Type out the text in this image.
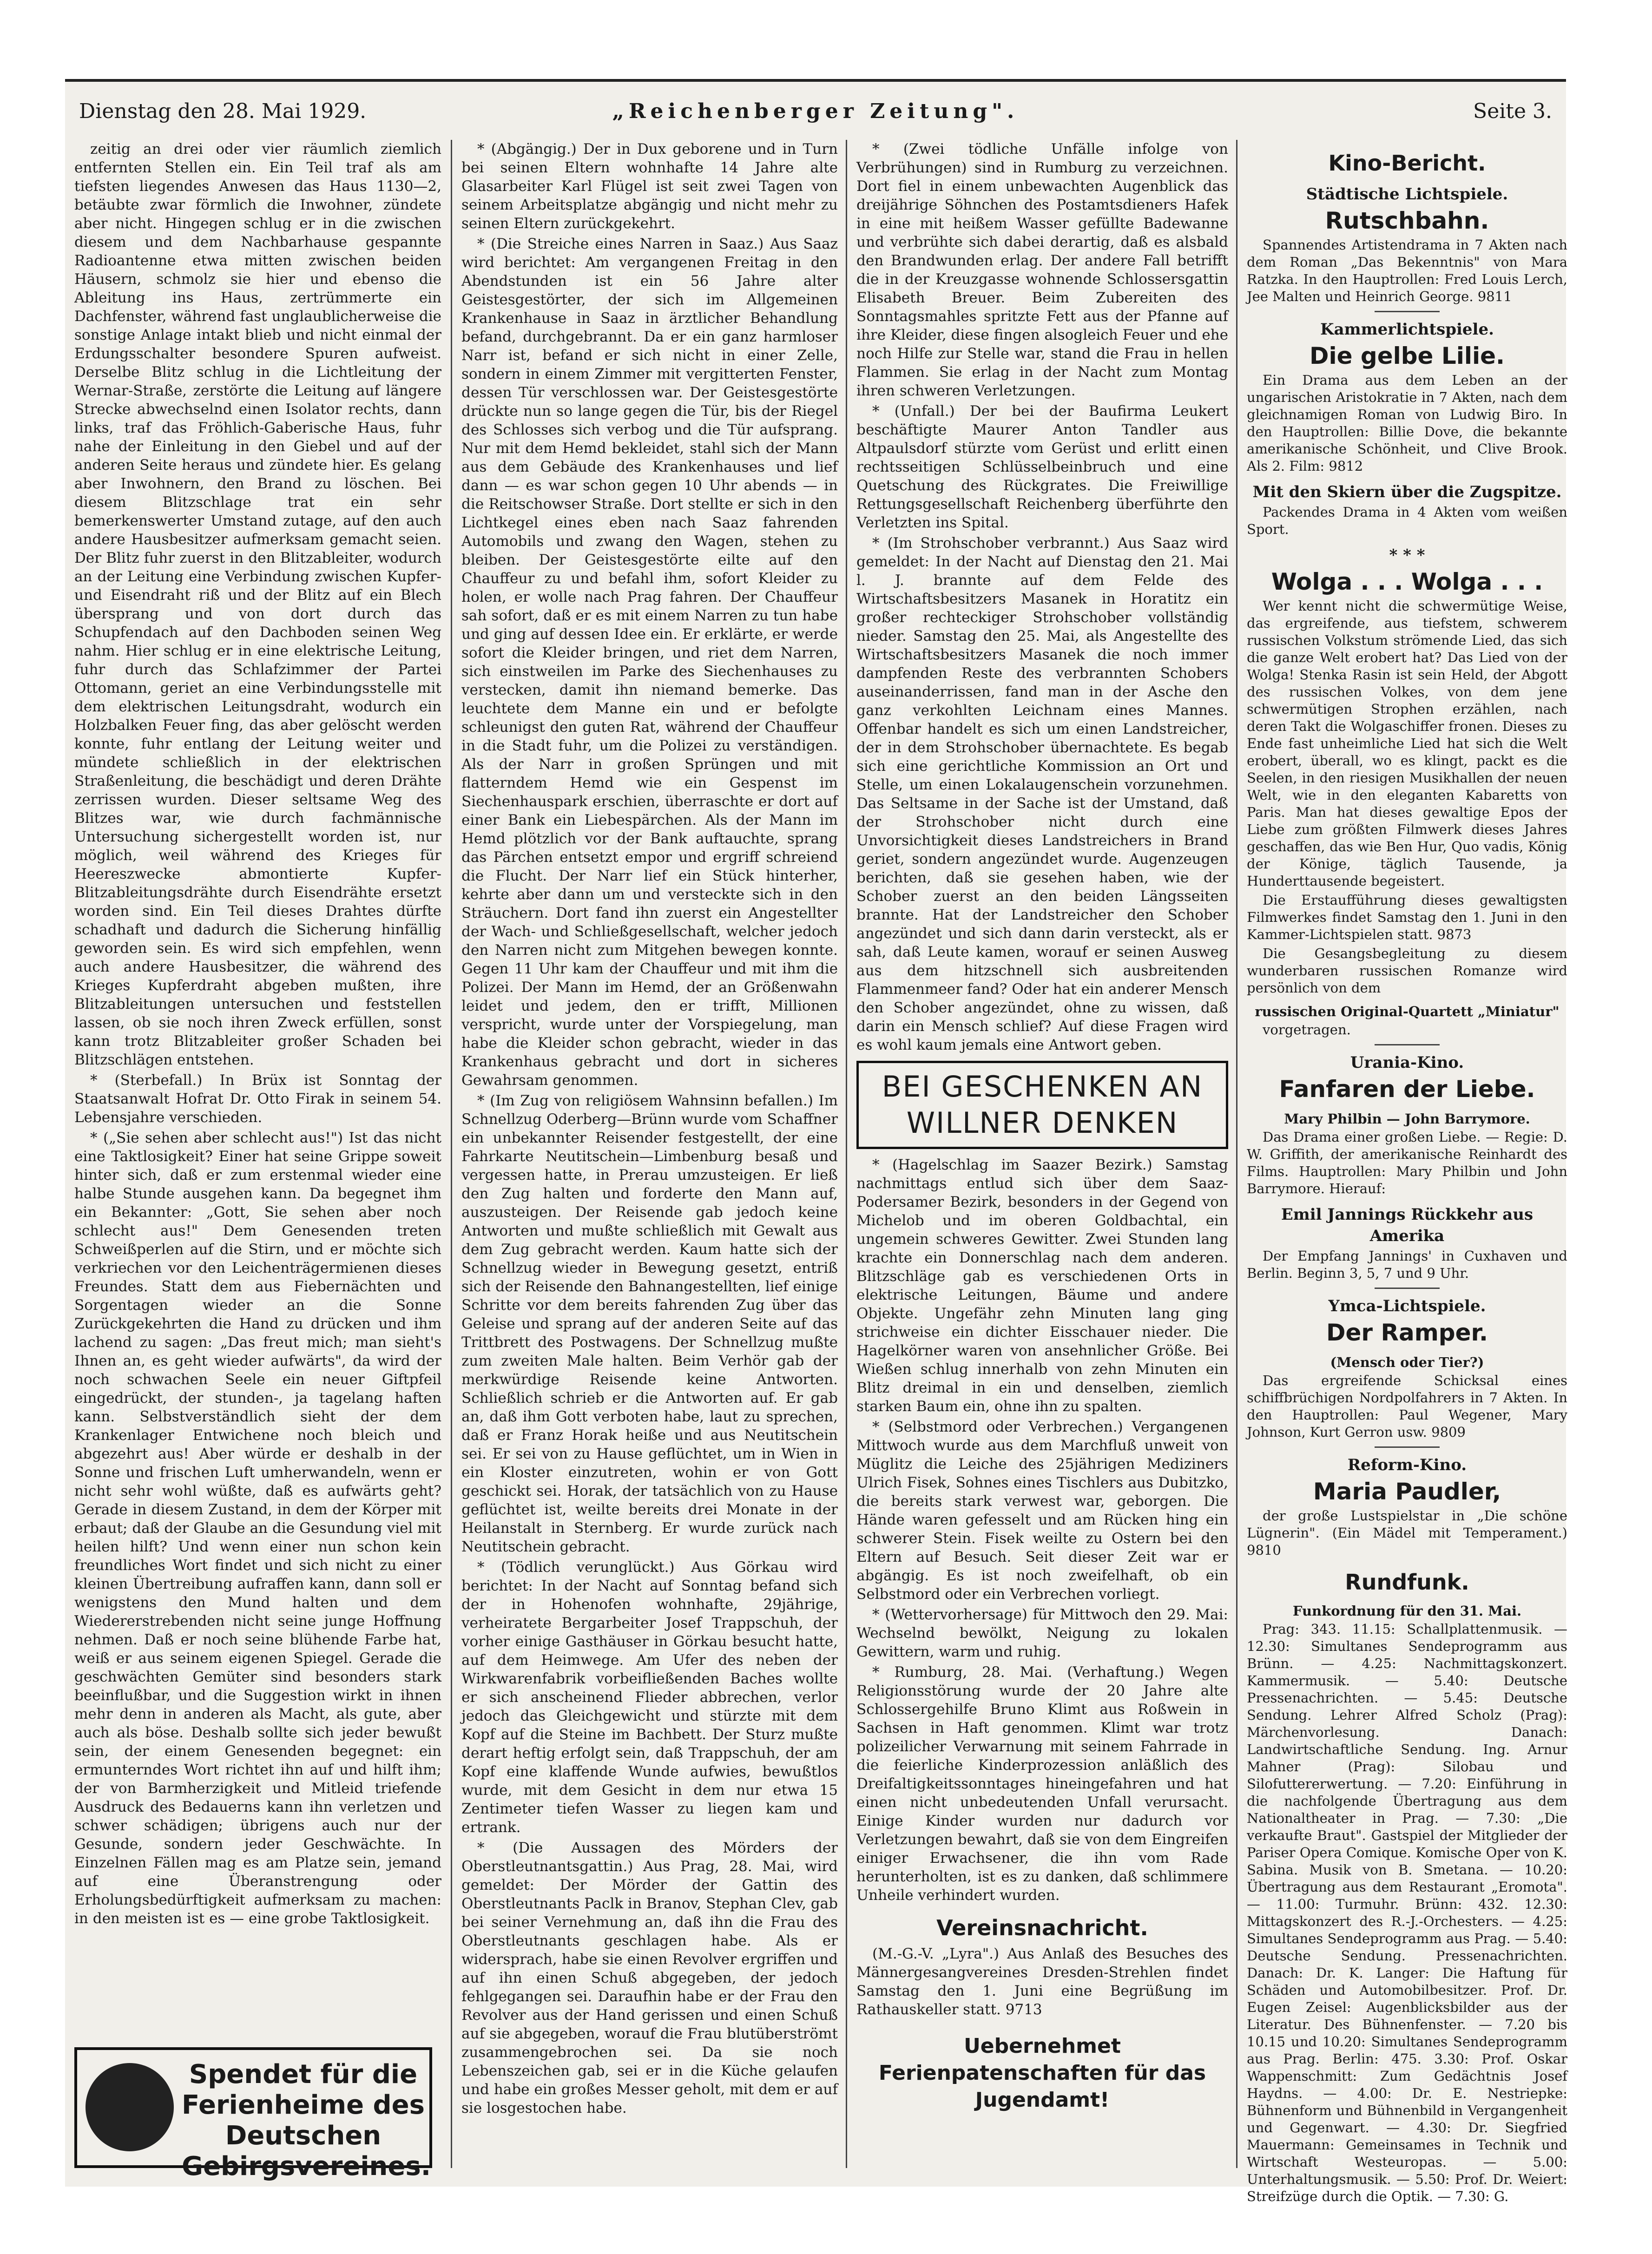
Dienstag den 28. Mai 1929.	„Reichenberger Zeitung".	Seite 3.

zeitig an drei oder vier räumlich ziemlich entfernten Stellen ein. Ein Teil traf als am tiefsten liegendes Anwesen das Haus 1130—2, betäubte zwar förmlich die Inwohner, zündete aber nicht. Hingegen schlug er in die zwischen diesem und dem Nachbarhause gespannte Radioantenne etwa mitten zwischen beiden Häusern, schmolz sie hier und ebenso die Ableitung ins Haus, zertrümmerte ein Dachfenster, während fast unglaublicherweise die sonstige Anlage intakt blieb und nicht einmal der Erdungsschalter besondere Spuren aufweist. Derselbe Blitz schlug in die Lichtleitung der Wernar-Straße, zerstörte die Leitung auf längere Strecke abwechselnd einen Isolator rechts, dann links, traf das Fröhlich-Gaberische Haus, fuhr nahe der Einleitung in den Giebel und auf der anderen Seite heraus und zündete hier. Es gelang aber Inwohnern, den Brand zu löschen. Bei diesem Blitzschlage trat ein sehr bemerkenswerter Umstand zutage, auf den auch andere Hausbesitzer aufmerksam gemacht seien. Der Blitz fuhr zuerst in den Blitzableiter, wodurch an der Leitung eine Verbindung zwischen Kupfer- und Eisendraht riß und der Blitz auf ein Blech übersprang und von dort durch das Schupfendach auf den Dachboden seinen Weg nahm. Hier schlug er in eine elektrische Leitung, fuhr durch das Schlafzimmer der Partei Ottomann, geriet an eine Verbindungsstelle mit dem elektrischen Leitungsdraht, wodurch ein Holzbalken Feuer fing, das aber gelöscht werden konnte, fuhr entlang der Leitung weiter und mündete schließlich in der elektrischen Straßenleitung, die beschädigt und deren Drähte zerrissen wurden. Dieser seltsame Weg des Blitzes war, wie durch fachmännische Untersuchung sichergestellt worden ist, nur möglich, weil während des Krieges für Heereszwecke abmontierte Kupfer-Blitzableitungsdrähte durch Eisendrähte ersetzt worden sind. Ein Teil dieses Drahtes dürfte schadhaft und dadurch die Sicherung hinfällig geworden sein. Es wird sich empfehlen, wenn auch andere Hausbesitzer, die während des Krieges Kupferdraht abgeben mußten, ihre Blitzableitungen untersuchen und feststellen lassen, ob sie noch ihren Zweck erfüllen, sonst kann trotz Blitzableiter großer Schaden bei Blitzschlägen entstehen.

* (Sterbefall.) In Brüx ist Sonntag der Staatsanwalt Hofrat Dr. Otto Firak in seinem 54. Lebensjahre verschieden.

* („Sie sehen aber schlecht aus!") Ist das nicht eine Taktlosigkeit? Einer hat seine Grippe soweit hinter sich, daß er zum erstenmal wieder eine halbe Stunde ausgehen kann. Da begegnet ihm ein Bekannter: „Gott, Sie sehen aber noch schlecht aus!" Dem Genesenden treten Schweißperlen auf die Stirn, und er möchte sich verkriechen vor den Leichenträgermienen dieses Freundes. Statt dem aus Fiebernächten und Sorgentagen wieder an die Sonne Zurückgekehrten die Hand zu drücken und ihm lachend zu sagen: „Das freut mich; man sieht's Ihnen an, es geht wieder aufwärts", da wird der noch schwachen Seele ein neuer Giftpfeil eingedrückt, der stunden-, ja tagelang haften kann. Selbstverständlich sieht der dem Krankenlager Entwichene noch bleich und abgezehrt aus! Aber würde er deshalb in der Sonne und frischen Luft umherwandeln, wenn er nicht sehr wohl wüßte, daß es aufwärts geht? Gerade in diesem Zustand, in dem der Körper mit erbaut; daß der Glaube an die Gesundung viel mit heilen hilft? Und wenn einer nun schon kein freundliches Wort findet und sich nicht zu einer kleinen Übertreibung aufraffen kann, dann soll er wenigstens den Mund halten und dem Wiedererstrebenden nicht seine junge Hoffnung nehmen. Daß er noch seine blühende Farbe hat, weiß er aus seinem eigenen Spiegel. Gerade die geschwächten Gemüter sind besonders stark beeinflußbar, und die Suggestion wirkt in ihnen mehr denn in anderen als Macht, als gute, aber auch als böse. Deshalb sollte sich jeder bewußt sein, der einem Genesenden begegnet: ein ermunterndes Wort richtet ihn auf und hilft ihm; der von Barmherzigkeit und Mitleid triefende Ausdruck des Bedauerns kann ihn verletzen und schwer schädigen; übrigens auch nur der Gesunde, sondern jeder Geschwächte. In Einzelnen Fällen mag es am Platze sein, jemand auf eine Überanstrengung oder Erholungsbedürftigkeit aufmerksam zu machen: in den meisten ist es — eine grobe Taktlosigkeit.

Spendet für die Ferienheime des Deutschen Gebirgsvereines.

* (Abgängig.) Der in Dux geborene und in Turn bei seinen Eltern wohnhafte 14 Jahre alte Glasarbeiter Karl Flügel ist seit zwei Tagen von seinem Arbeitsplatze abgängig und nicht mehr zu seinen Eltern zurückgekehrt.

* (Die Streiche eines Narren in Saaz.) Aus Saaz wird berichtet: Am vergangenen Freitag in den Abendstunden ist ein 56 Jahre alter Geistesgestörter, der sich im Allgemeinen Krankenhause in Saaz in ärztlicher Behandlung befand, durchgebrannt. Da er ein ganz harmloser Narr ist, befand er sich nicht in einer Zelle, sondern in einem Zimmer mit vergitterten Fenster, dessen Tür verschlossen war. Der Geistesgestörte drückte nun so lange gegen die Tür, bis der Riegel des Schlosses sich verbog und die Tür aufsprang. Nur mit dem Hemd bekleidet, stahl sich der Mann aus dem Gebäude des Krankenhauses und lief dann — es war schon gegen 10 Uhr abends — in die Reitschowser Straße. Dort stellte er sich in den Lichtkegel eines eben nach Saaz fahrenden Automobils und zwang den Wagen, stehen zu bleiben. Der Geistesgestörte eilte auf den Chauffeur zu und befahl ihm, sofort Kleider zu holen, er wolle nach Prag fahren. Der Chauffeur sah sofort, daß er es mit einem Narren zu tun habe und ging auf dessen Idee ein. Er erklärte, er werde sofort die Kleider bringen, und riet dem Narren, sich einstweilen im Parke des Siechenhauses zu verstecken, damit ihn niemand bemerke. Das leuchtete dem Manne ein und er befolgte schleunigst den guten Rat, während der Chauffeur in die Stadt fuhr, um die Polizei zu verständigen. Als der Narr in großen Sprüngen und mit flatterndem Hemd wie ein Gespenst im Siechenhauspark erschien, überraschte er dort auf einer Bank ein Liebespärchen. Als der Mann im Hemd plötzlich vor der Bank auftauchte, sprang das Pärchen entsetzt empor und ergriff schreiend die Flucht. Der Narr lief ein Stück hinterher, kehrte aber dann um und versteckte sich in den Sträuchern. Dort fand ihn zuerst ein Angestellter der Wach- und Schließgesellschaft, welcher jedoch den Narren nicht zum Mitgehen bewegen konnte. Gegen 11 Uhr kam der Chauffeur und mit ihm die Polizei. Der Mann im Hemd, der an Größenwahn leidet und jedem, den er trifft, Millionen verspricht, wurde unter der Vorspiegelung, man habe die Kleider schon gebracht, wieder in das Krankenhaus gebracht und dort in sicheres Gewahrsam genommen.

* (Im Zug von religiösem Wahnsinn befallen.) Im Schnellzug Oderberg—Brünn wurde vom Schaffner ein unbekannter Reisender festgestellt, der eine Fahrkarte Neutitschein—Limbenburg besaß und vergessen hatte, in Prerau umzusteigen. Er ließ den Zug halten und forderte den Mann auf, auszusteigen. Der Reisende gab jedoch keine Antworten und mußte schließlich mit Gewalt aus dem Zug gebracht werden. Kaum hatte sich der Schnellzug wieder in Bewegung gesetzt, entriß sich der Reisende den Bahnangestellten, lief einige Schritte vor dem bereits fahrenden Zug über das Geleise und sprang auf der anderen Seite auf das Trittbrett des Postwagens. Der Schnellzug mußte zum zweiten Male halten. Beim Verhör gab der merkwürdige Reisende keine Antworten. Schließlich schrieb er die Antworten auf. Er gab an, daß ihm Gott verboten habe, laut zu sprechen, daß er Franz Horak heiße und aus Neutitschein sei. Er sei von zu Hause geflüchtet, um in Wien in ein Kloster einzutreten, wohin er von Gott geschickt sei. Horak, der tatsächlich von zu Hause geflüchtet ist, weilte bereits drei Monate in der Heilanstalt in Sternberg. Er wurde zurück nach Neutitschein gebracht.

* (Tödlich verunglückt.) Aus Görkau wird berichtet: In der Nacht auf Sonntag befand sich der in Hohenofen wohnhafte, 29jährige, verheiratete Bergarbeiter Josef Trappschuh, der vorher einige Gasthäuser in Görkau besucht hatte, auf dem Heimwege. Am Ufer des neben der Wirkwarenfabrik vorbeifließenden Baches wollte er sich anscheinend Flieder abbrechen, verlor jedoch das Gleichgewicht und stürzte mit dem Kopf auf die Steine im Bachbett. Der Sturz mußte derart heftig erfolgt sein, daß Trappschuh, der am Kopf eine klaffende Wunde aufwies, bewußtlos wurde, mit dem Gesicht in dem nur etwa 15 Zentimeter tiefen Wasser zu liegen kam und ertrank.

* (Die Aussagen des Mörders der Oberstleutnantsgattin.) Aus Prag, 28. Mai, wird gemeldet: Der Mörder der Gattin des Oberstleutnants Paclk in Branov, Stephan Clev, gab bei seiner Vernehmung an, daß ihn die Frau des Oberstleutnants geschlagen habe. Als er widersprach, habe sie einen Revolver ergriffen und auf ihn einen Schuß abgegeben, der jedoch fehlgegangen sei. Daraufhin habe er der Frau den Revolver aus der Hand gerissen und einen Schuß auf sie abgegeben, worauf die Frau blutüberströmt zusammengebrochen sei. Da sie noch Lebenszeichen gab, sei er in die Küche gelaufen und habe ein großes Messer geholt, mit dem er auf sie losgestochen habe.

* (Zwei tödliche Unfälle infolge von Verbrühungen) sind in Rumburg zu verzeichnen. Dort fiel in einem unbewachten Augenblick das dreijährige Söhnchen des Postamtsdieners Hafek in eine mit heißem Wasser gefüllte Badewanne und verbrühte sich dabei derartig, daß es alsbald den Brandwunden erlag. Der andere Fall betrifft die in der Kreuzgasse wohnende Schlossersgattin Elisabeth Breuer. Beim Zubereiten des Sonntagsmahles spritzte Fett aus der Pfanne auf ihre Kleider, diese fingen alsogleich Feuer und ehe noch Hilfe zur Stelle war, stand die Frau in hellen Flammen. Sie erlag in der Nacht zum Montag ihren schweren Verletzungen.

* (Unfall.) Der bei der Baufirma Leukert beschäftigte Maurer Anton Tandler aus Altpaulsdorf stürzte vom Gerüst und erlitt einen rechtsseitigen Schlüsselbeinbruch und eine Quetschung des Rückgrates. Die Freiwillige Rettungsgesellschaft Reichenberg überführte den Verletzten ins Spital.

* (Im Strohschober verbrannt.) Aus Saaz wird gemeldet: In der Nacht auf Dienstag den 21. Mai l. J. brannte auf dem Felde des Wirtschaftsbesitzers Masanek in Horatitz ein großer rechteckiger Strohschober vollständig nieder. Samstag den 25. Mai, als Angestellte des Wirtschaftsbesitzers Masanek die noch immer dampfenden Reste des verbrannten Schobers auseinanderrissen, fand man in der Asche den ganz verkohlten Leichnam eines Mannes. Offenbar handelt es sich um einen Landstreicher, der in dem Strohschober übernachtete. Es begab sich eine gerichtliche Kommission an Ort und Stelle, um einen Lokalaugenschein vorzunehmen. Das Seltsame in der Sache ist der Umstand, daß der Strohschober nicht durch eine Unvorsichtigkeit dieses Landstreichers in Brand geriet, sondern angezündet wurde. Augenzeugen berichten, daß sie gesehen haben, wie der Schober zuerst an den beiden Längsseiten brannte. Hat der Landstreicher den Schober angezündet und sich dann darin versteckt, als er sah, daß Leute kamen, worauf er seinen Ausweg aus dem hitzschnell sich ausbreitenden Flammenmeer fand? Oder hat ein anderer Mensch den Schober angezündet, ohne zu wissen, daß darin ein Mensch schlief? Auf diese Fragen wird es wohl kaum jemals eine Antwort geben.

BEI GESCHENKEN AN WILLNER DENKEN

* (Hagelschlag im Saazer Bezirk.) Samstag nachmittags entlud sich über dem Saaz-Podersamer Bezirk, besonders in der Gegend von Michelob und im oberen Goldbachtal, ein ungemein schweres Gewitter. Zwei Stunden lang krachte ein Donnerschlag nach dem anderen. Blitzschläge gab es verschiedenen Orts in elektrische Leitungen, Bäume und andere Objekte. Ungefähr zehn Minuten lang ging strichweise ein dichter Eisschauer nieder. Die Hagelkörner waren von ansehnlicher Größe. Bei Wießen schlug innerhalb von zehn Minuten ein Blitz dreimal in ein und denselben, ziemlich starken Baum ein, ohne ihn zu spalten.

* (Selbstmord oder Verbrechen.) Vergangenen Mittwoch wurde aus dem Marchfluß unweit von Müglitz die Leiche des 25jährigen Mediziners Ulrich Fisek, Sohnes eines Tischlers aus Dubitzko, die bereits stark verwest war, geborgen. Die Hände waren gefesselt und am Rücken hing ein schwerer Stein. Fisek weilte zu Ostern bei den Eltern auf Besuch. Seit dieser Zeit war er abgängig. Es ist noch zweifelhaft, ob ein Selbstmord oder ein Verbrechen vorliegt.

* (Wettervorhersage) für Mittwoch den 29. Mai: Wechselnd bewölkt, Neigung zu lokalen Gewittern, warm und ruhig.

* Rumburg, 28. Mai. (Verhaftung.) Wegen Religionsstörung wurde der 20 Jahre alte Schlossergehilfe Bruno Klimt aus Roßwein in Sachsen in Haft genommen. Klimt war trotz polizeilicher Verwarnung mit seinem Fahrrade in die feierliche Kinderprozession anläßlich des Dreifaltigkeitssonntages hineingefahren und hat einen nicht unbedeutenden Unfall verursacht. Einige Kinder wurden nur dadurch vor Verletzungen bewahrt, daß sie von dem Eingreifen einiger Erwachsener, die ihn vom Rade herunterholten, ist es zu danken, daß schlimmere Unheile verhindert wurden.

Vereinsnachricht.

(M.-G.-V. „Lyra".) Aus Anlaß des Besuches des Männergesangvereines Dresden-Strehlen findet Samstag den 1. Juni eine Begrüßung im Rathauskeller statt. 9713

Uebernehmet Ferienpatenschaften für das Jugendamt!
Kino-Bericht.
Städtische Lichtspiele.
Rutschbahn.

Spannendes Artistendrama in 7 Akten nach dem Roman „Das Bekenntnis" von Mara Ratzka. In den Hauptrollen: Fred Louis Lerch, Jee Malten und Heinrich George. 9811

Kammerlichtspiele.
Die gelbe Lilie.

Ein Drama aus dem Leben an der ungarischen Aristokratie in 7 Akten, nach dem gleichnamigen Roman von Ludwig Biro. In den Hauptrollen: Billie Dove, die bekannte amerikanische Schönheit, und Clive Brook. Als 2. Film: 9812

Mit den Skiern über die Zugspitze.

Packendes Drama in 4 Akten vom weißen Sport.

* * *
Wolga . . . Wolga . . .

Wer kennt nicht die schwermütige Weise, das ergreifende, aus tiefstem, schwerem russischen Volkstum strömende Lied, das sich die ganze Welt erobert hat? Das Lied von der Wolga! Stenka Rasin ist sein Held, der Abgott des russischen Volkes, von dem jene schwermütigen Strophen erzählen, nach deren Takt die Wolgaschiffer fronen. Dieses zu Ende fast unheimliche Lied hat sich die Welt erobert, überall, wo es klingt, packt es die Seelen, in den riesigen Musikhallen der neuen Welt, wie in den eleganten Kabaretts von Paris. Man hat dieses gewaltige Epos der Liebe zum größten Filmwerk dieses Jahres geschaffen, das wie Ben Hur, Quo vadis, König der Könige, täglich Tausende, ja Hunderttausende begeistert.

Die Erstaufführung dieses gewaltigsten Filmwerkes findet Samstag den 1. Juni in den Kammer-Lichtspielen statt. 9873

Die Gesangsbegleitung zu diesem wunderbaren russischen Romanze wird persönlich von dem

russischen Original-Quartett „Miniatur"

vorgetragen.

Urania-Kino.
Fanfaren der Liebe.
Mary Philbin — John Barrymore.

Das Drama einer großen Liebe. — Regie: D. W. Griffith, der amerikanische Reinhardt des Films. Hauptrollen: Mary Philbin und John Barrymore. Hierauf:

Emil Jannings Rückkehr aus Amerika

Der Empfang Jannings' in Cuxhaven und Berlin. Beginn 3, 5, 7 und 9 Uhr.

Ymca-Lichtspiele.
Der Ramper.
(Mensch oder Tier?)

Das ergreifende Schicksal eines schiffbrüchigen Nordpolfahrers in 7 Akten. In den Hauptrollen: Paul Wegener, Mary Johnson, Kurt Gerron usw. 9809

Reform-Kino.
Maria Paudler,

der große Lustspielstar in „Die schöne Lügnerin". (Ein Mädel mit Temperament.) 9810

Rundfunk.
Funkordnung für den 31. Mai.

Prag: 343. 11.15: Schallplattenmusik. — 12.30: Simultanes Sendeprogramm aus Brünn. — 4.25: Nachmittagskonzert. Kammermusik. — 5.40: Deutsche Pressenachrichten. — 5.45: Deutsche Sendung. Lehrer Alfred Scholz (Prag): Märchenvorlesung. Danach: Landwirtschaftliche Sendung. Ing. Arnur Mahner (Prag): Silobau und Silofuttererwertung. — 7.20: Einführung in die nachfolgende Übertragung aus dem Nationaltheater in Prag. — 7.30: „Die verkaufte Braut". Gastspiel der Mitglieder der Pariser Opera Comique. Komische Oper von K. Sabina. Musik von B. Smetana. — 10.20: Übertragung aus dem Restaurant „Eromota". — 11.00: Turmuhr. Brünn: 432. 12.30: Mittagskonzert des R.-J.-Orchesters. — 4.25: Simultanes Sendeprogramm aus Prag. — 5.40: Deutsche Sendung. Pressenachrichten. Danach: Dr. K. Langer: Die Haftung für Schäden und Automobilbesitzer. Prof. Dr. Eugen Zeisel: Augenblicksbilder aus der Literatur. Des Bühnenfenster. — 7.20 bis 10.15 und 10.20: Simultanes Sendeprogramm aus Prag. Berlin: 475. 3.30: Prof. Oskar Wappenschmitt: Zum Gedächtnis Josef Haydns. — 4.00: Dr. E. Nestriepke: Bühnenform und Bühnenbild in Vergangenheit und Gegenwart. — 4.30: Dr. Siegfried Mauermann: Gemeinsames in Technik und Wirtschaft Westeuropas. — 5.00: Unterhaltungsmusik. — 5.50: Prof. Dr. Weiert: Streifzüge durch die Optik. — 7.30: G.
